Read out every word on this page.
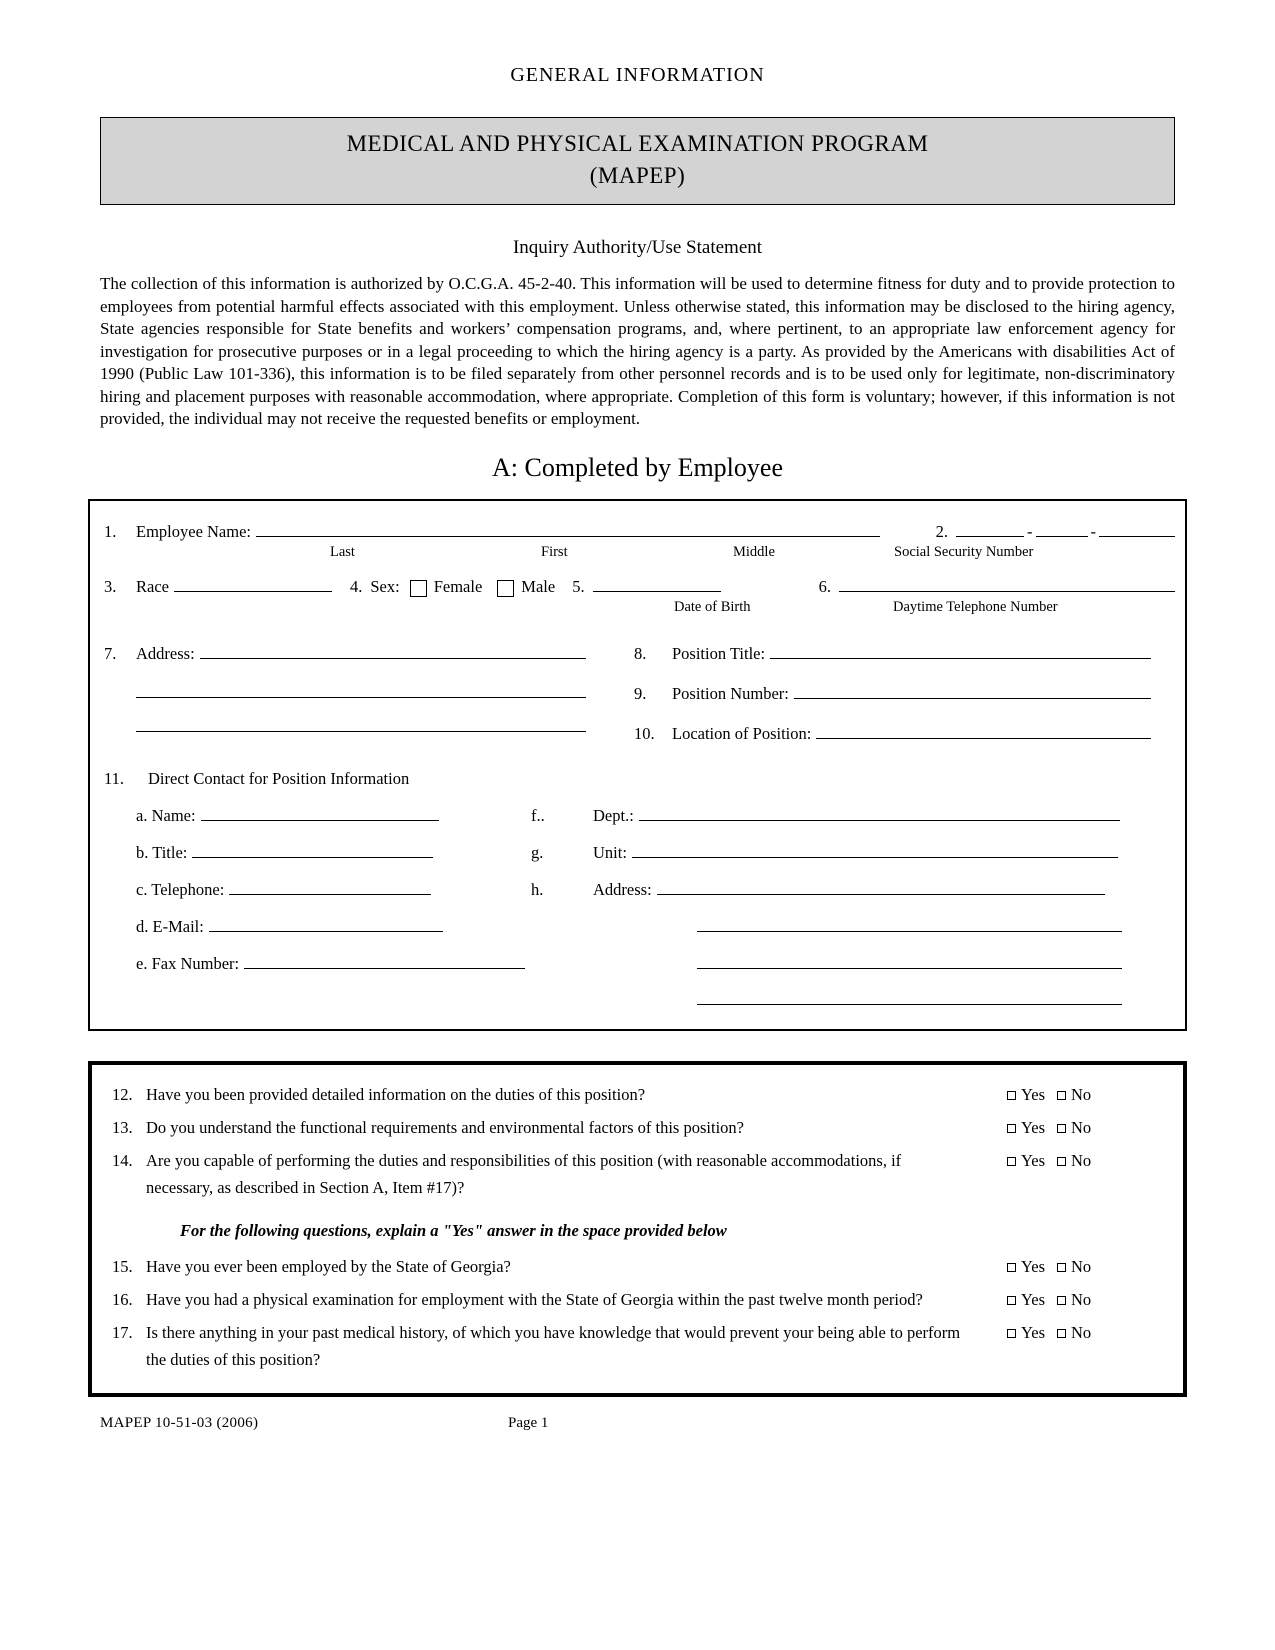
GENERAL INFORMATION
MEDICAL AND PHYSICAL EXAMINATION PROGRAM
(MAPEP)
Inquiry Authority/Use Statement

The collection of this information is authorized by O.C.G.A. 45-2-40. This information will be used to determine fitness for duty and to provide protection to employees from potential harmful effects associated with this employment. Unless otherwise stated, this information may be disclosed to the hiring agency, State agencies responsible for State benefits and workers’ compensation programs, and, where pertinent, to an appropriate law enforcement agency for investigation for prosecutive purposes or in a legal proceeding to which the hiring agency is a party. As provided by the Americans with disabilities Act of 1990 (Public Law 101-336), this information is to be filed separately from other personnel records and is to be used only for legitimate, non-discriminatory hiring and placement purposes with reasonable accommodation, where appropriate. Completion of this form is voluntary; however, if this information is not provided, the individual may not receive the requested benefits or employment.

A: Completed by Employee
1.	Employee Name:	2.	-	-
Last	First	Middle	Social Security Number
3.	Race	4. Sex: Female Male 5.	6.
Date of Birth	Daytime Telephone Number
7.	Address:	8.	Position Title:
9.	Position Number:
10.	Location of Position:
11.	Direct Contact for Position Information
a. Name:	f..	Dept.:
b. Title:	g.	Unit:
c. Telephone:	h.	Address:
d. E-Mail:
e. Fax Number:
12. Have you been provided detailed information on the duties of this position?	Yes No
13. Do you understand the functional requirements and environmental factors of this position?	Yes No
14. Are you capable of performing the duties and responsibilities of this position (with reasonable accommodations, if necessary, as described in Section A, Item #17)?
Yes No
For the following questions, explain a "Yes" answer in the space provided below
15. Have you ever been employed by the State of Georgia?	Yes No
16. Have you had a physical examination for employment with the State of Georgia within the past twelve month period?	Yes No
17. Is there anything in your past medical history, of which you have knowledge that would prevent your being able to perform the duties of this position?
Yes No
MAPEP 10-51-03 (2006)	Page 1
